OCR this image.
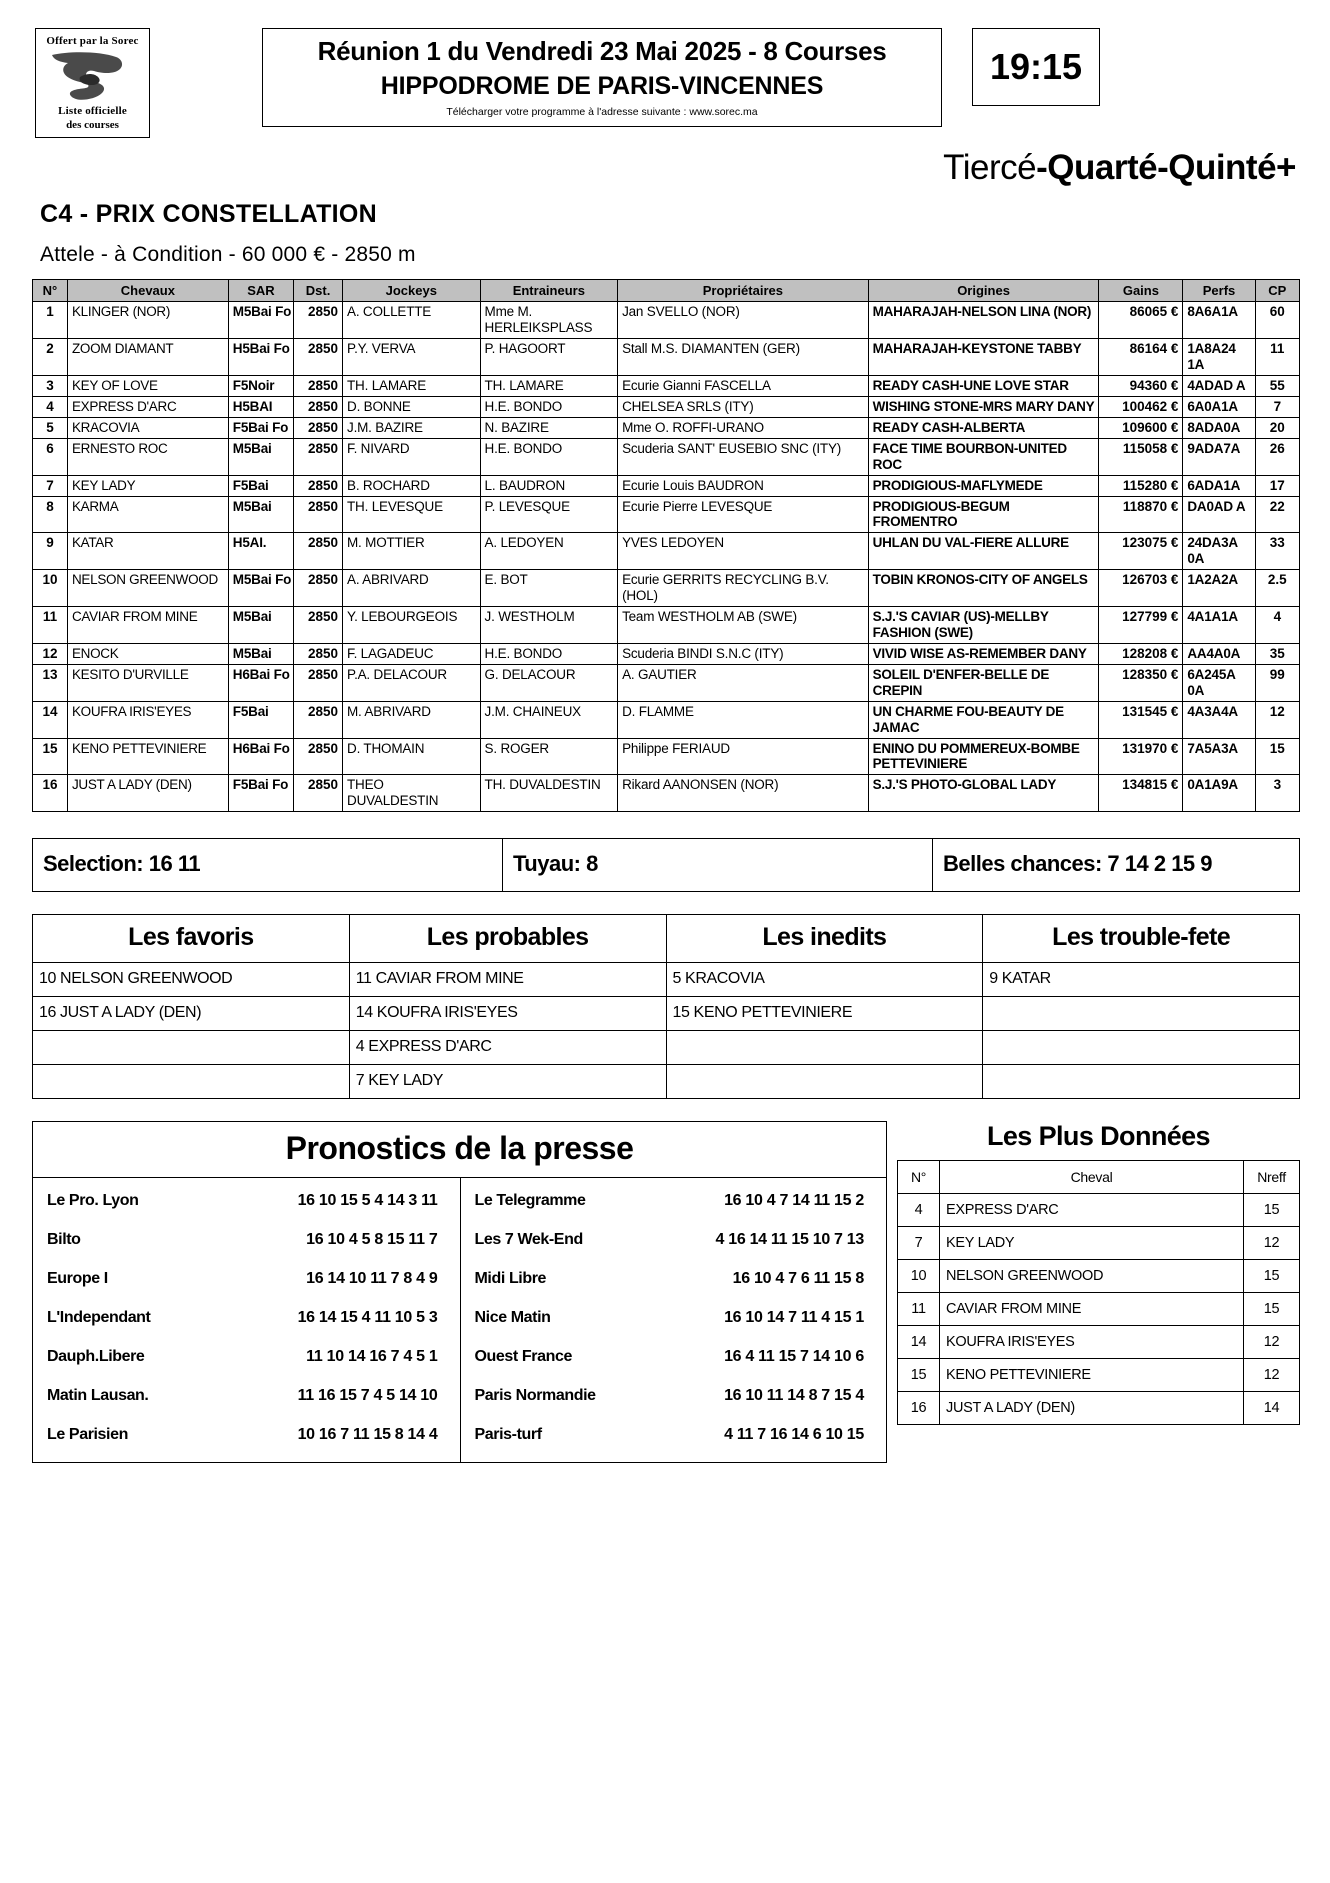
Offert par la Sorec
Liste officielle
des courses
Réunion 1 du Vendredi 23 Mai 2025 - 8 Courses
HIPPODROME DE PARIS-VINCENNES
Télécharger votre programme à l'adresse suivante : www.sorec.ma
19:15
Tiercé-Quarté-Quinté+
C4 - PRIX CONSTELLATION
Attele - à Condition - 60 000 € - 2850 m
N°	Chevaux	SAR	Dst.	Jockeys	Entraineurs	Propriétaires	Origines	Gains	Perfs	CP
1	KLINGER (NOR)	M5Bai Fo	2850	A. COLLETTE	Mme M. HERLEIKSPLASS	Jan SVELLO (NOR)	MAHARAJAH-NELSON LINA (NOR)	86065 €	8A6A1A	60
2	ZOOM DIAMANT	H5Bai Fo	2850	P.Y. VERVA	P. HAGOORT	Stall M.S. DIAMANTEN (GER)	MAHARAJAH-KEYSTONE TABBY	86164 €	1A8A24 1A	11
3	KEY OF LOVE	F5Noir	2850	TH. LAMARE	TH. LAMARE	Ecurie Gianni FASCELLA	READY CASH-UNE LOVE STAR	94360 €	4ADAD A	55
4	EXPRESS D'ARC	H5BAI	2850	D. BONNE	H.E. BONDO	CHELSEA SRLS (ITY)	WISHING STONE-MRS MARY DANY	100462 €	6A0A1A	7
5	KRACOVIA	F5Bai Fo	2850	J.M. BAZIRE	N. BAZIRE	Mme O. ROFFI-URANO	READY CASH-ALBERTA	109600 €	8ADA0A	20
6	ERNESTO ROC	M5Bai	2850	F. NIVARD	H.E. BONDO	Scuderia SANT' EUSEBIO SNC (ITY)	FACE TIME BOURBON-UNITED ROC	115058 €	9ADA7A	26
7	KEY LADY	F5Bai	2850	B. ROCHARD	L. BAUDRON	Ecurie Louis BAUDRON	PRODIGIOUS-MAFLYMEDE	115280 €	6ADA1A	17
8	KARMA	M5Bai	2850	TH. LEVESQUE	P. LEVESQUE	Ecurie Pierre LEVESQUE	PRODIGIOUS-BEGUM FROMENTRO	118870 €	DA0AD A	22
9	KATAR	H5AI.	2850	M. MOTTIER	A. LEDOYEN	YVES LEDOYEN	UHLAN DU VAL-FIERE ALLURE	123075 €	24DA3A 0A	33
10	NELSON GREENWOOD	M5Bai Fo	2850	A. ABRIVARD	E. BOT	Ecurie GERRITS RECYCLING B.V.(HOL)	TOBIN KRONOS-CITY OF ANGELS	126703 €	1A2A2A	2.5
11	CAVIAR FROM MINE	M5Bai	2850	Y. LEBOURGEOIS	J. WESTHOLM	Team WESTHOLM AB (SWE)	S.J.'S CAVIAR (US)-MELLBY FASHION (SWE)	127799 €	4A1A1A	4
12	ENOCK	M5Bai	2850	F. LAGADEUC	H.E. BONDO	Scuderia BINDI S.N.C (ITY)	VIVID WISE AS-REMEMBER DANY	128208 €	AA4A0A	35
13	KESITO D'URVILLE	H6Bai Fo	2850	P.A. DELACOUR	G. DELACOUR	A. GAUTIER	SOLEIL D'ENFER-BELLE DE CREPIN	128350 €	6A245A 0A	99
14	KOUFRA IRIS'EYES	F5Bai	2850	M. ABRIVARD	J.M. CHAINEUX	D. FLAMME	UN CHARME FOU-BEAUTY DE JAMAC	131545 €	4A3A4A	12
15	KENO PETTEVINIERE	H6Bai Fo	2850	D. THOMAIN	S. ROGER	Philippe FERIAUD	ENINO DU POMMEREUX-BOMBE PETTEVINIERE	131970 €	7A5A3A	15
16	JUST A LADY (DEN)	F5Bai Fo	2850	THEO DUVALDESTIN	TH. DUVALDESTIN	Rikard AANONSEN (NOR)	S.J.'S PHOTO-GLOBAL LADY	134815 €	0A1A9A	3
Selection: 16 11	Tuyau: 8	Belles chances: 7 14 2 15 9
Les favoris	Les probables	Les inedits	Les trouble-fete
10 NELSON GREENWOOD	11 CAVIAR FROM MINE	5 KRACOVIA	9 KATAR
16 JUST A LADY (DEN)	14 KOUFRA IRIS'EYES	15 KENO PETTEVINIERE	
	4 EXPRESS D'ARC		
	7 KEY LADY		
Pronostics de la presse
Le Pro. Lyon	16 10 15 5 4 14 3 11
Bilto	16 10 4 5 8 15 11 7
Europe I	16 14 10 11 7 8 4 9
L'Independant	16 14 15 4 11 10 5 3
Dauph.Libere	11 10 14 16 7 4 5 1
Matin Lausan.	11 16 15 7 4 5 14 10
Le Parisien	10 16 7 11 15 8 14 4
Le Telegramme	16 10 4 7 14 11 15 2
Les 7 Wek-End	4 16 14 11 15 10 7 13
Midi Libre	16 10 4 7 6 11 15 8
Nice Matin	16 10 14 7 11 4 15 1
Ouest France	16 4 11 15 7 14 10 6
Paris Normandie	16 10 11 14 8 7 15 4
Paris-turf	4 11 7 16 14 6 10 15
Les Plus Données
N°	Cheval	Nreff
4	EXPRESS D'ARC	15
7	KEY LADY	12
10	NELSON GREENWOOD	15
11	CAVIAR FROM MINE	15
14	KOUFRA IRIS'EYES	12
15	KENO PETTEVINIERE	12
16	JUST A LADY (DEN)	14
